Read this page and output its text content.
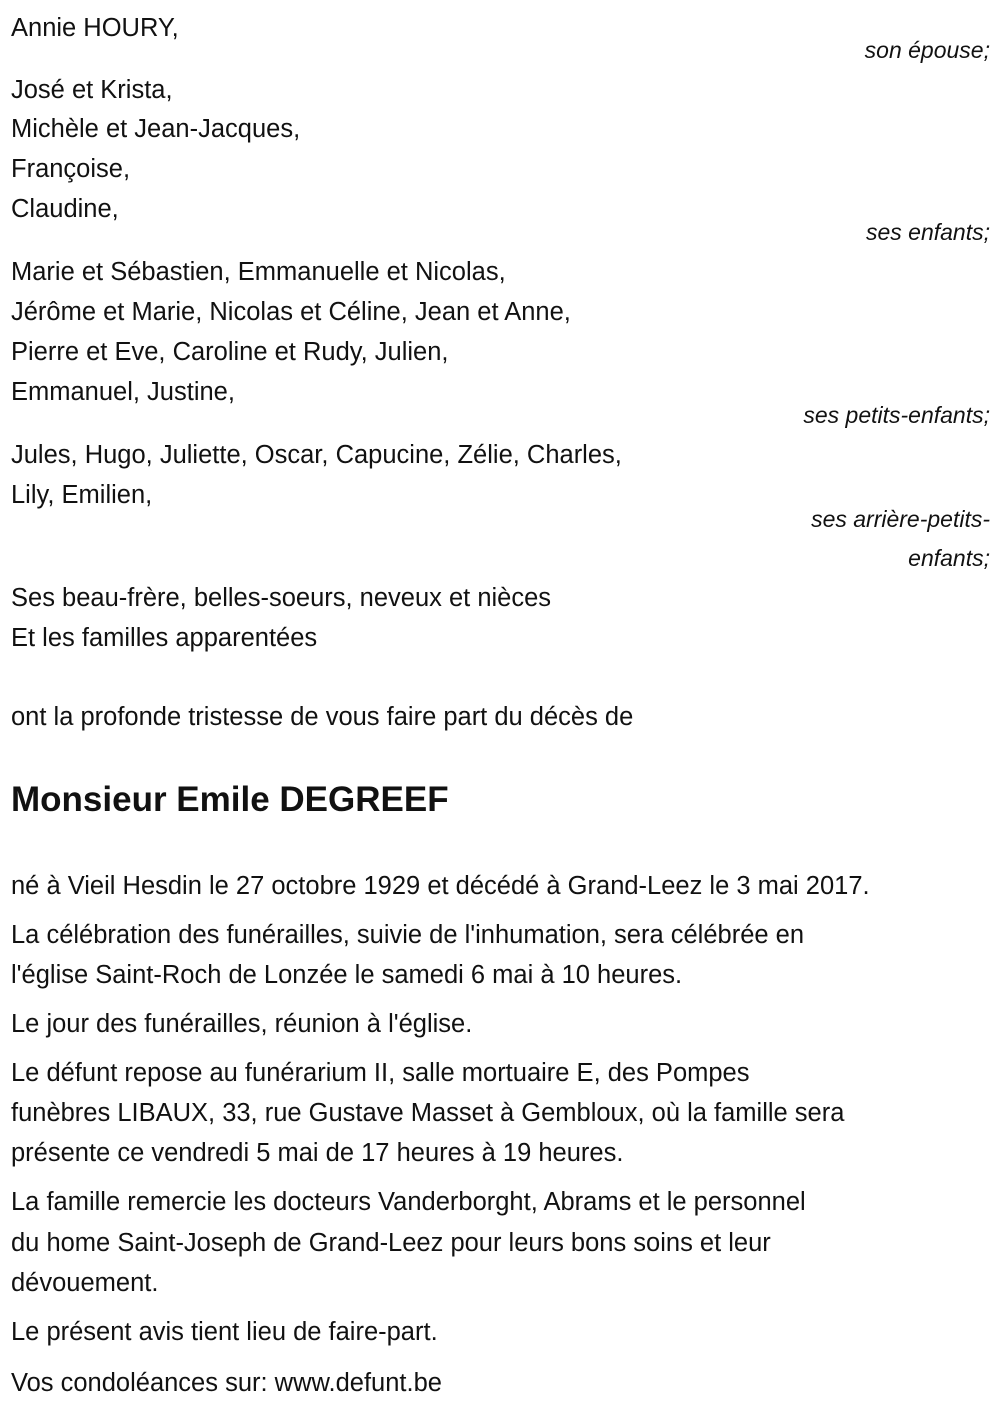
Annie HOURY,
son épouse;
José et Krista,
Michèle et Jean-Jacques,
Françoise,
Claudine,
ses enfants;
Marie et Sébastien, Emmanuelle et Nicolas,
Jérôme et Marie, Nicolas et Céline, Jean et Anne,
Pierre et Eve, Caroline et Rudy, Julien,
Emmanuel, Justine,
ses petits-enfants;
Jules, Hugo, Juliette, Oscar, Capucine, Zélie, Charles,
Lily, Emilien,
ses arrière-petits-
enfants;
Ses beau-frère, belles-soeurs, neveux et nièces
Et les familles apparentées
ont la profonde tristesse de vous faire part du décès de
Monsieur Emile DEGREEF
né à Vieil Hesdin le 27 octobre 1929 et décédé à Grand-Leez le 3 mai 2017.
La célébration des funérailles, suivie de l'inhumation, sera célébrée en
l'église Saint-Roch de Lonzée le samedi 6 mai à 10 heures.
Le jour des funérailles, réunion à l'église.
Le défunt repose au funérarium II, salle mortuaire E, des Pompes
funèbres LIBAUX, 33, rue Gustave Masset à Gembloux, où la famille sera
présente ce vendredi 5 mai de 17 heures à 19 heures.
La famille remercie les docteurs Vanderborght, Abrams et le personnel
du home Saint-Joseph de Grand-Leez pour leurs bons soins et leur
dévouement.
Le présent avis tient lieu de faire-part.
Vos condoléances sur: www.defunt.be
